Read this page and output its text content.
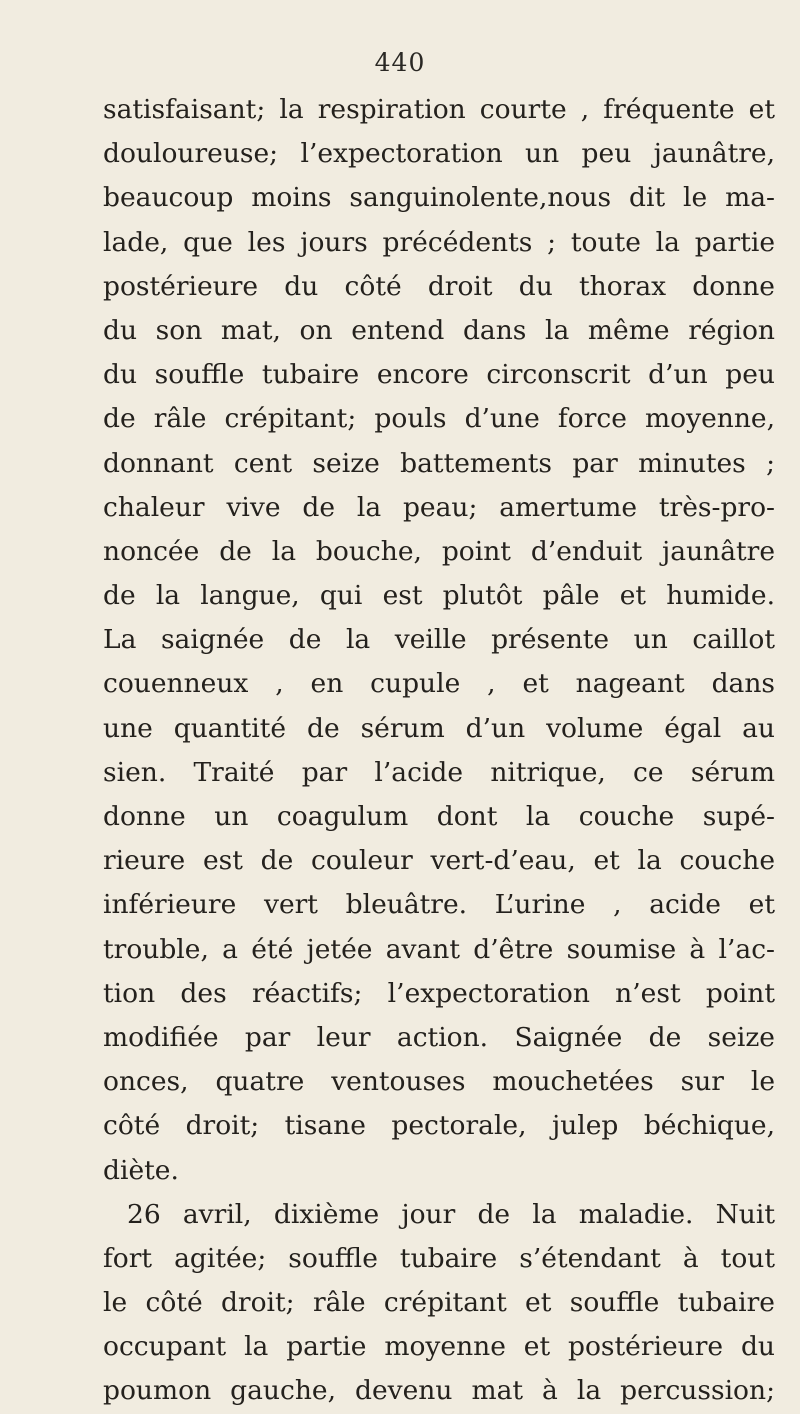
440
satisfaisant; la respiration courte , fréquente et
douloureuse; l’expectoration un peu jaunâtre,
beaucoup moins sanguinolente,nous dit le ma-
lade, que les jours précédents ; toute la partie
postérieure du côté droit du thorax donne
du son mat, on entend dans la même région
du souffle tubaire encore circonscrit d’un peu
de râle crépitant; pouls d’une force moyenne,
donnant cent seize battements par minutes ;
chaleur vive de la peau; amertume très-pro-
noncée de la bouche, point d’enduit jaunâtre
de la langue, qui est plutôt pâle et humide.
La saignée de la veille présente un caillot
couenneux , en cupule , et nageant dans
une quantité de sérum d’un volume égal au
sien. Traité par l’acide nitrique, ce sérum
donne un coagulum dont la couche supé-
rieure est de couleur vert-d’eau, et la couche
inférieure vert bleuâtre. L’urine , acide et
trouble, a été jetée avant d’être soumise à l’ac-
tion des réactifs; l’expectoration n’est point
modifiée par leur action. Saignée de seize
onces, quatre ventouses mouchetées sur le
côté droit; tisane pectorale, julep béchique,
diète.
26 avril, dixième jour de la maladie. Nuit
fort agitée; souffle tubaire s’étendant à tout
le côté droit; râle crépitant et souffle tubaire
occupant la partie moyenne et postérieure du
poumon gauche, devenu mat à la percussion;
